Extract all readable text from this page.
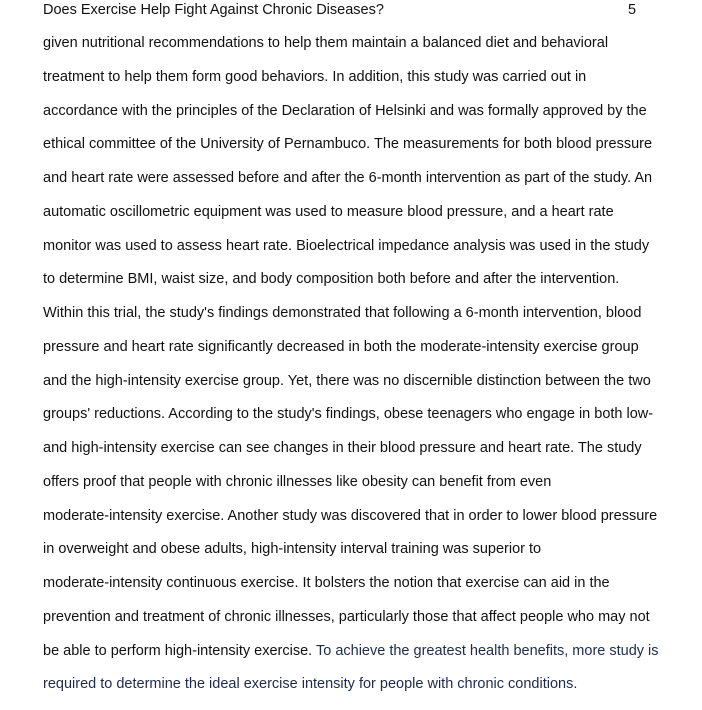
Does Exercise Help Fight Against Chronic Diseases?	5
given nutritional recommendations to help them maintain a balanced diet and behavioral
treatment to help them form good behaviors. In addition, this study was carried out in
accordance with the principles of the Declaration of Helsinki and was formally approved by the
ethical committee of the University of Pernambuco. The measurements for both blood pressure
and heart rate were assessed before and after the 6-month intervention as part of the study. An
automatic oscillometric equipment was used to measure blood pressure, and a heart rate
monitor was used to assess heart rate. Bioelectrical impedance analysis was used in the study
to determine BMI, waist size, and body composition both before and after the intervention.
Within this trial, the study's findings demonstrated that following a 6-month intervention, blood
pressure and heart rate significantly decreased in both the moderate-intensity exercise group
and the high-intensity exercise group. Yet, there was no discernible distinction between the two
groups' reductions. According to the study's findings, obese teenagers who engage in both low-
and high-intensity exercise can see changes in their blood pressure and heart rate. The study
offers proof that people with chronic illnesses like obesity can benefit from even
moderate-intensity exercise. Another study was discovered that in order to lower blood pressure
in overweight and obese adults, high-intensity interval training was superior to
moderate-intensity continuous exercise. It bolsters the notion that exercise can aid in the
prevention and treatment of chronic illnesses, particularly those that affect people who may not
be able to perform high-intensity exercise. To achieve the greatest health benefits, more study is
required to determine the ideal exercise intensity for people with chronic conditions.
